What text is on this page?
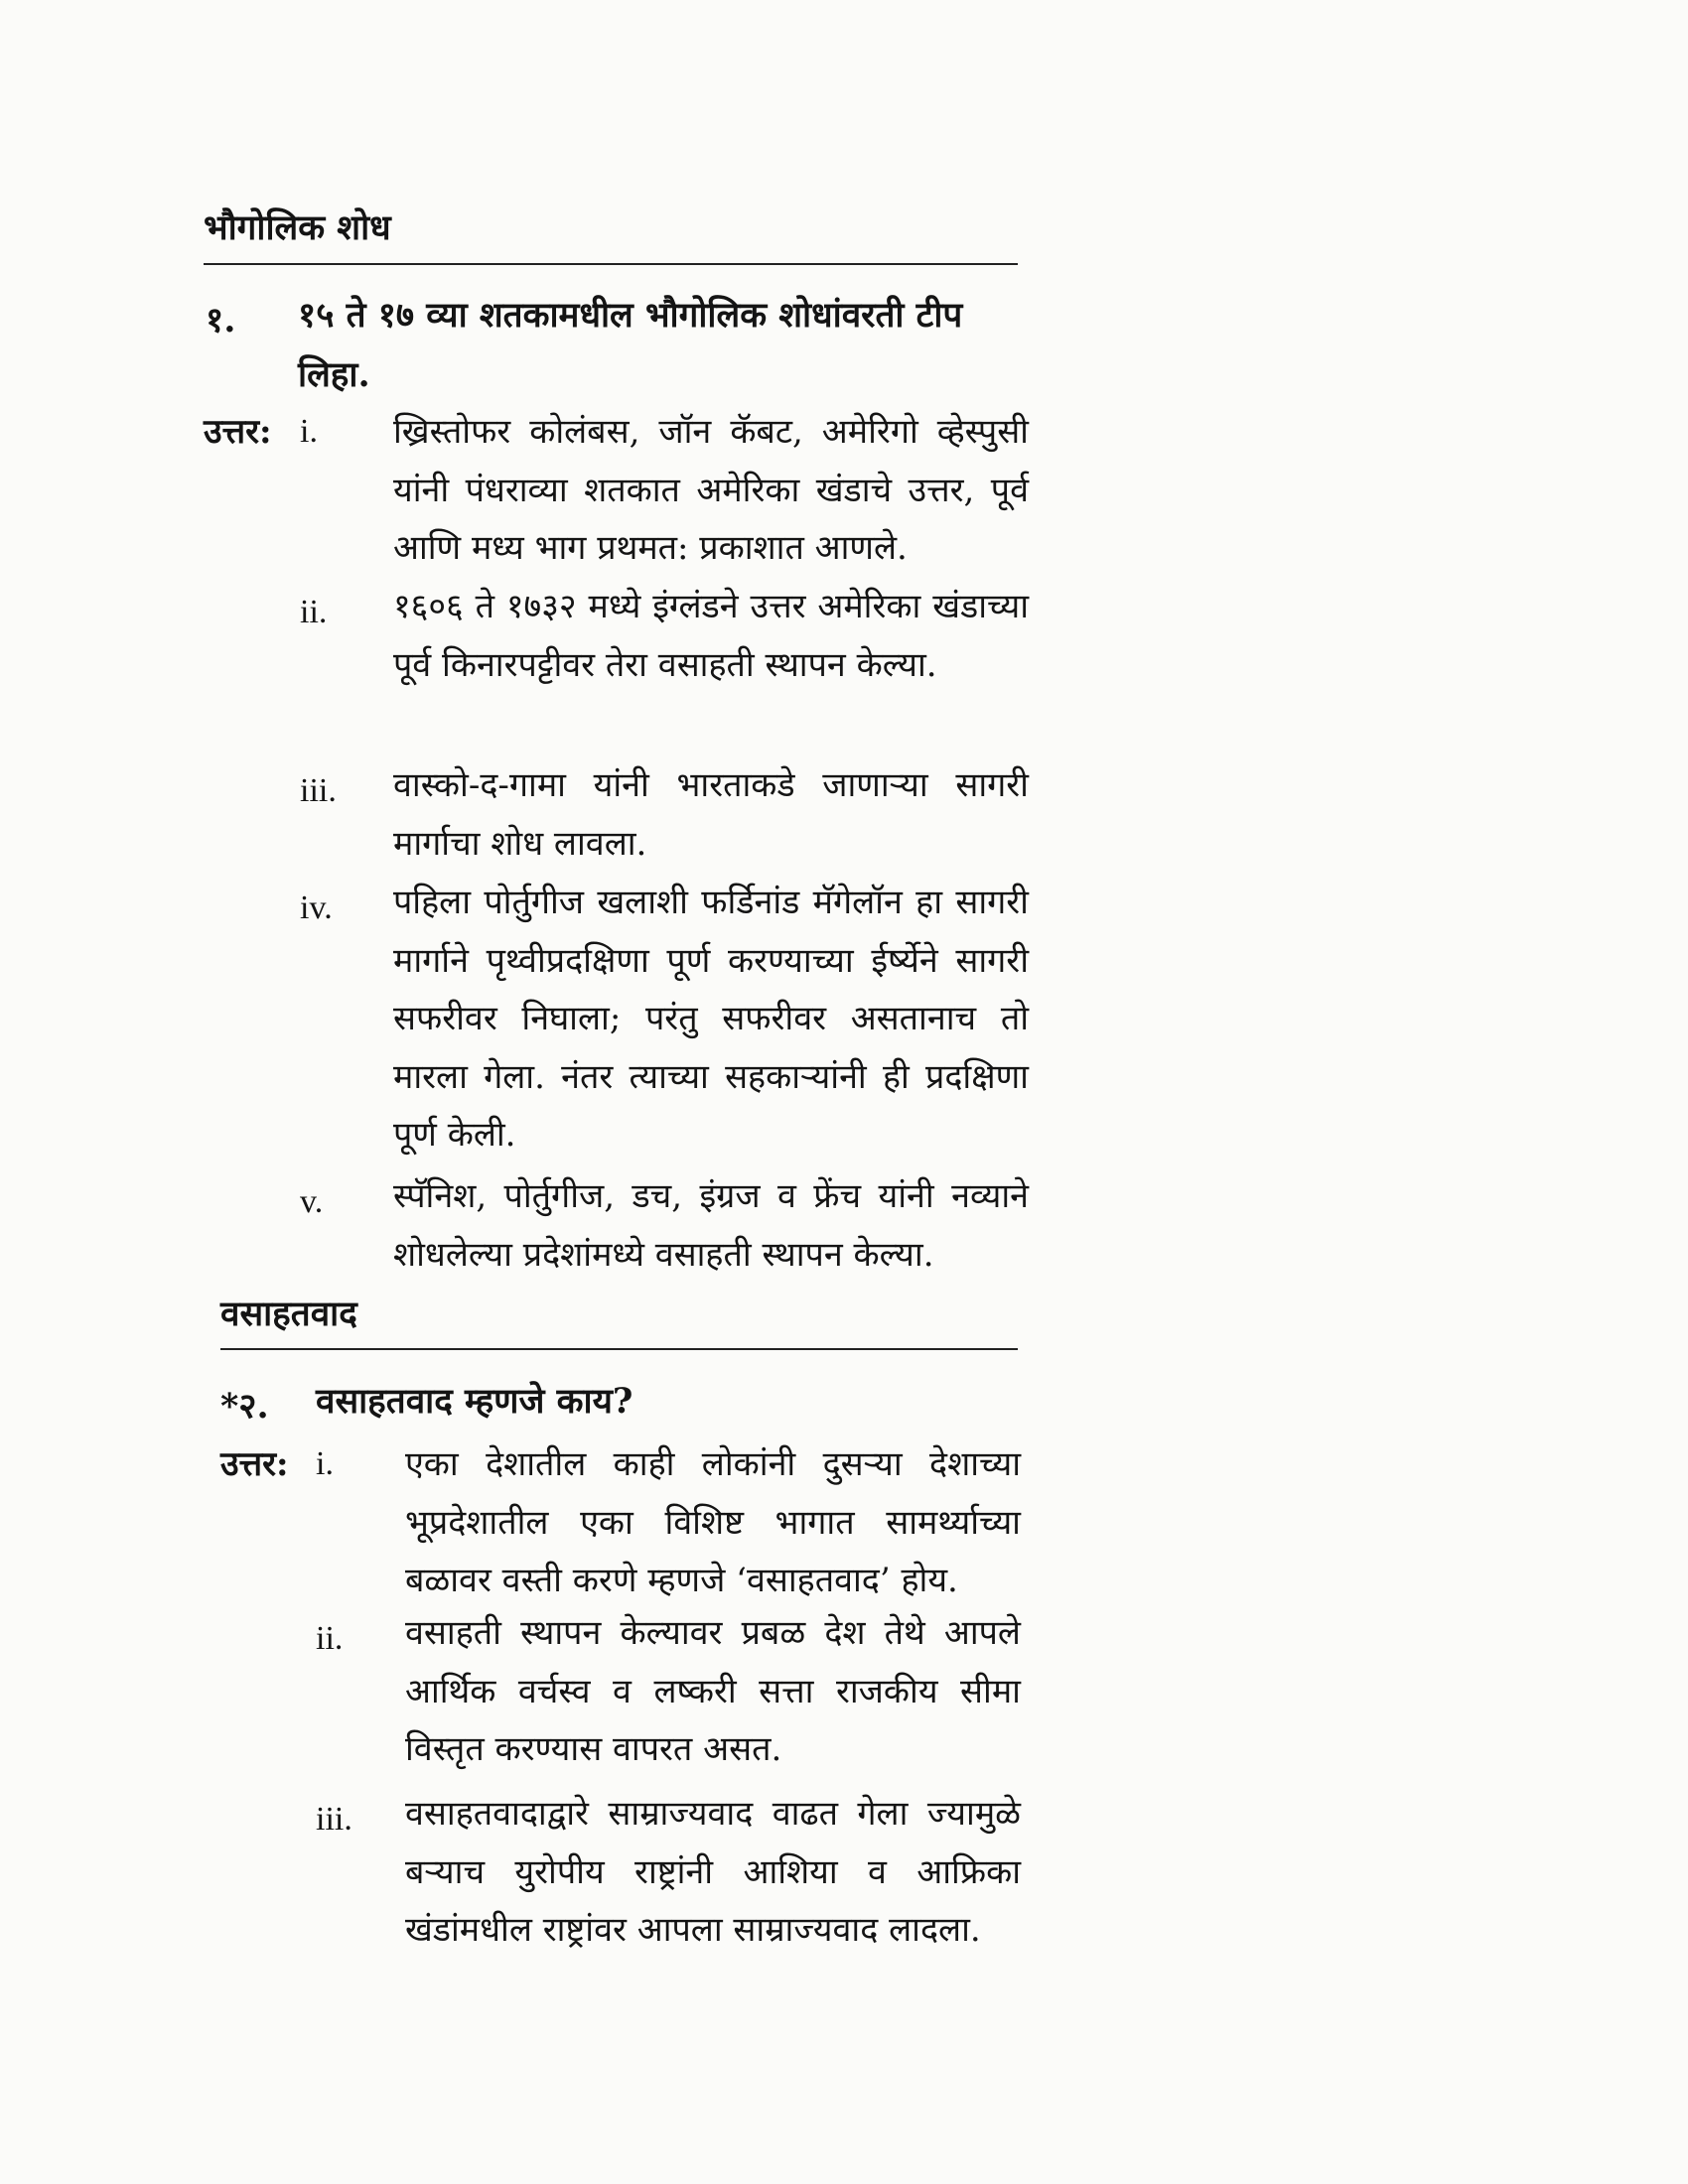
भौगोलिक शोध
१. १५ ते १७ व्या शतकामधील भौगोलिक शोधांवरती टीप लिहा.
उत्तर: i. ख्रिस्तोफर कोलंबस, जॉन कॅबट, अमेरिगो व्हेस्पुसी यांनी पंधराव्या शतकात अमेरिका खंडाचे उत्तर, पूर्व आणि मध्य भाग प्रथमत: प्रकाशात आणले.
ii. १६०६ ते १७३२ मध्ये इंग्लंडने उत्तर अमेरिका खंडाच्या पूर्व किनारपट्टीवर तेरा वसाहती स्थापन केल्या.
iii. वास्को-द-गामा यांनी भारताकडे जाणाऱ्या सागरी मार्गाचा शोध लावला.
iv. पहिला पोर्तुगीज खलाशी फर्डिनांड मॅगेलॉन हा सागरी मार्गाने पृथ्वीप्रदक्षिणा पूर्ण करण्याच्या ईर्ष्येने सागरी सफरीवर निघाला; परंतु सफरीवर असतानाच तो मारला गेला. नंतर त्याच्या सहकाऱ्यांनी ही प्रदक्षिणा पूर्ण केली.
v. स्पॅनिश, पोर्तुगीज, डच, इंग्रज व फ्रेंच यांनी नव्याने शोधलेल्या प्रदेशांमध्ये वसाहती स्थापन केल्या.
वसाहतवाद
*२. वसाहतवाद म्हणजे काय?
उत्तर: i. एका देशातील काही लोकांनी दुसऱ्या देशाच्या भूप्रदेशातील एका विशिष्ट भागात सामर्थ्याच्या बळावर वस्ती करणे म्हणजे ‘वसाहतवाद’ होय.
ii. वसाहती स्थापन केल्यावर प्रबळ देश तेथे आपले आर्थिक वर्चस्व व लष्करी सत्ता राजकीय सीमा विस्तृत करण्यास वापरत असत.
iii. वसाहतवादाद्वारे साम्राज्यवाद वाढत गेला ज्यामुळे बऱ्याच युरोपीय राष्ट्रांनी आशिया व आफ्रिका खंडांमधील राष्ट्रांवर आपला साम्राज्यवाद लादला.
